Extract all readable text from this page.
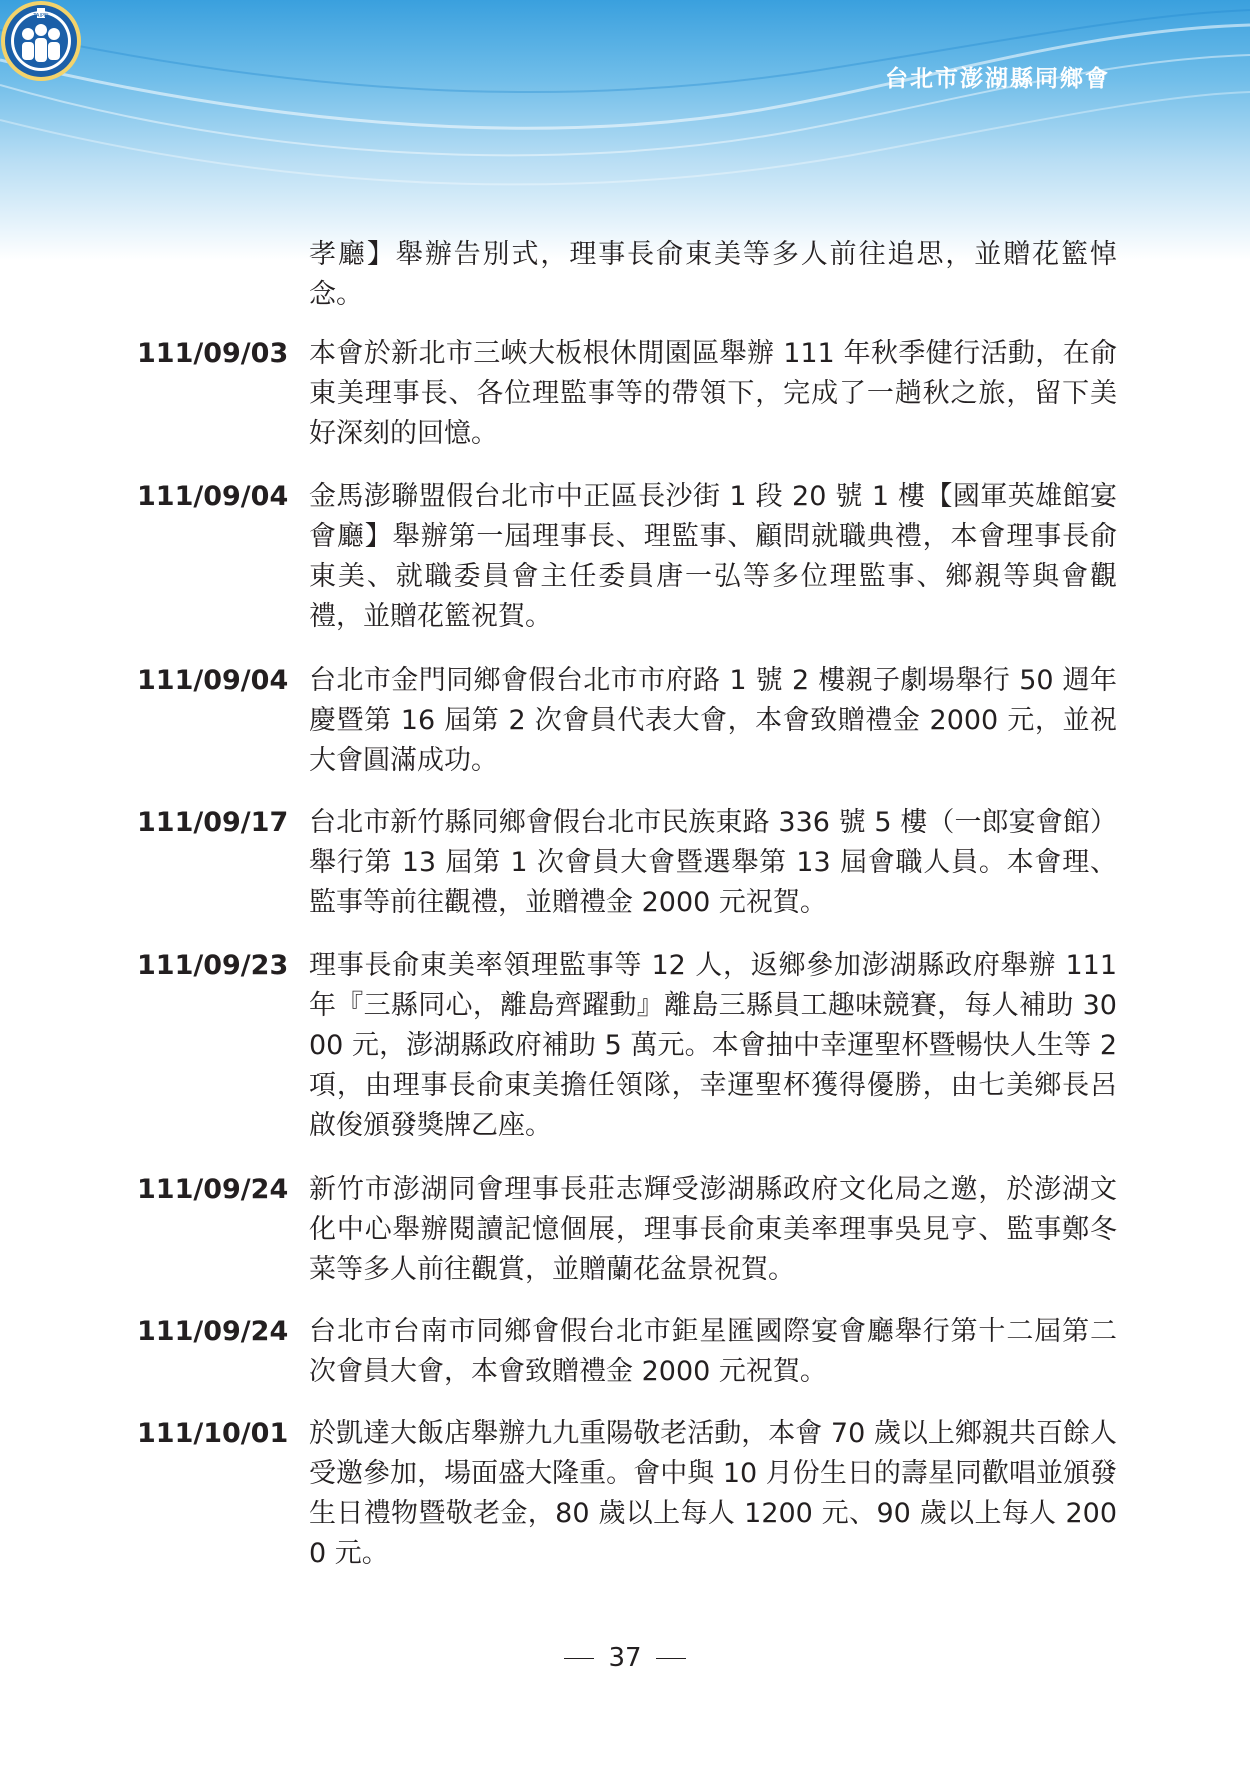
台北市澎湖縣同鄉會
TAIPEI
孝廳】舉辦告別式，理事長俞東美等多人前往追思，並贈花籃悼念。
111/09/03 本會於新北市三峽大板根休閒園區舉辦 111 年秋季健行活動，在俞東美理事長、各位理監事等的帶領下，完成了一趟秋之旅，留下美好深刻的回憶。
111/09/04 金馬澎聯盟假台北市中正區長沙街 1 段 20 號 1 樓【國軍英雄館宴會廳】舉辦第一屆理事長、理監事、顧問就職典禮，本會理事長俞東美、就職委員會主任委員唐一弘等多位理監事、鄉親等與會觀禮，並贈花籃祝賀。
111/09/04 台北市金門同鄉會假台北市市府路 1 號 2 樓親子劇場舉行 50 週年慶暨第 16 屆第 2 次會員代表大會，本會致贈禮金 2000 元，並祝大會圓滿成功。
111/09/17 台北市新竹縣同鄉會假台北市民族東路 336 號 5 樓（一郎宴會館）舉行第 13 屆第 1 次會員大會暨選舉第 13 屆會職人員。本會理、監事等前往觀禮，並贈禮金 2000 元祝賀。
111/09/23 理事長俞東美率領理監事等 12 人，返鄉參加澎湖縣政府舉辦 111 年『三縣同心，離島齊躍動』離島三縣員工趣味競賽，每人補助 3000 元，澎湖縣政府補助 5 萬元。本會抽中幸運聖杯暨暢快人生等 2 項，由理事長俞東美擔任領隊，幸運聖杯獲得優勝，由七美鄉長呂啟俊頒發獎牌乙座。
111/09/24 新竹市澎湖同會理事長莊志輝受澎湖縣政府文化局之邀，於澎湖文化中心舉辦閱讀記憶個展，理事長俞東美率理事吳見亨、監事鄭冬菜等多人前往觀賞，並贈蘭花盆景祝賀。
111/09/24 台北市台南市同鄉會假台北市鉅星匯國際宴會廳舉行第十二屆第二次會員大會，本會致贈禮金 2000 元祝賀。
111/10/01 於凱達大飯店舉辦九九重陽敬老活動，本會 70 歲以上鄉親共百餘人受邀參加，場面盛大隆重。會中與 10 月份生日的壽星同歡唱並頒發生日禮物暨敬老金，80 歲以上每人 1200 元、90 歲以上每人 2000 元。
37
